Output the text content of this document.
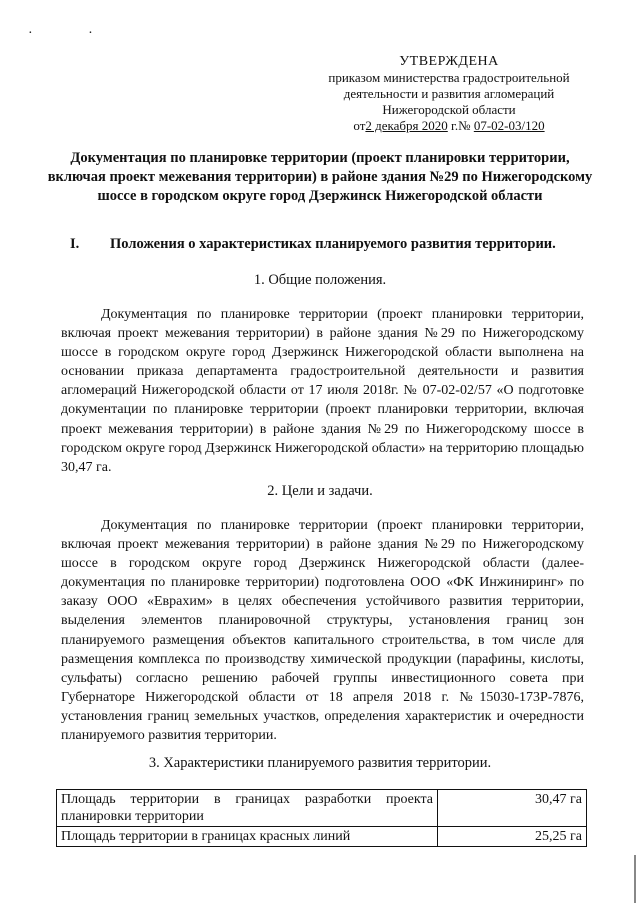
· ·
УТВЕРЖДЕНА
приказом министерства градостроительной
деятельности и развития агломераций
Нижегородской области
от2 декабря 2020 г.№ 07-02-03/120
Документация по планировке территории (проект планировки территории, включая проект межевания территории) в районе здания №29 по Нижегородскому шоссе в городском округе город Дзержинск Нижегородской области
I. Положения о характеристиках планируемого развития территории.
1. Общие положения.
Документация по планировке территории (проект планировки территории, включая проект межевания территории) в районе здания №29 по Нижегородскому шоссе в городском округе город Дзержинск Нижегородской области выполнена на основании приказа департамента градостроительной деятельности и развития агломераций Нижегородской области от 17 июля 2018г. № 07-02-02/57 «О подготовке документации по планировке территории (проект планировки территории, включая проект межевания территории) в районе здания №29 по Нижегородскому шоссе в городском округе город Дзержинск Нижегородской области» на территорию площадью 30,47 га.
2. Цели и задачи.
Документация по планировке территории (проект планировки территории, включая проект межевания территории) в районе здания №29 по Нижегородскому шоссе в городском округе город Дзержинск Нижегородской области (далее- документация по планировке территории) подготовлена ООО «ФК Инжиниринг» по заказу ООО «Еврахим» в целях обеспечения устойчивого развития территории, выделения элементов планировочной структуры, установления границ зон планируемого размещения объектов капитального строительства, в том числе для размещения комплекса по производству химической продукции (парафины, кислоты, сульфаты) согласно решению рабочей группы инвестиционного совета при Губернаторе Нижегородской области от 18 апреля 2018 г. №15030-173Р-7876, установления границ земельных участков, определения характеристик и очередности планируемого развития территории.
3. Характеристики планируемого развития территории.
Площадь территории в границах разработки проекта планировки территории	30,47 га
Площадь территории в границах красных линий	25,25 га
